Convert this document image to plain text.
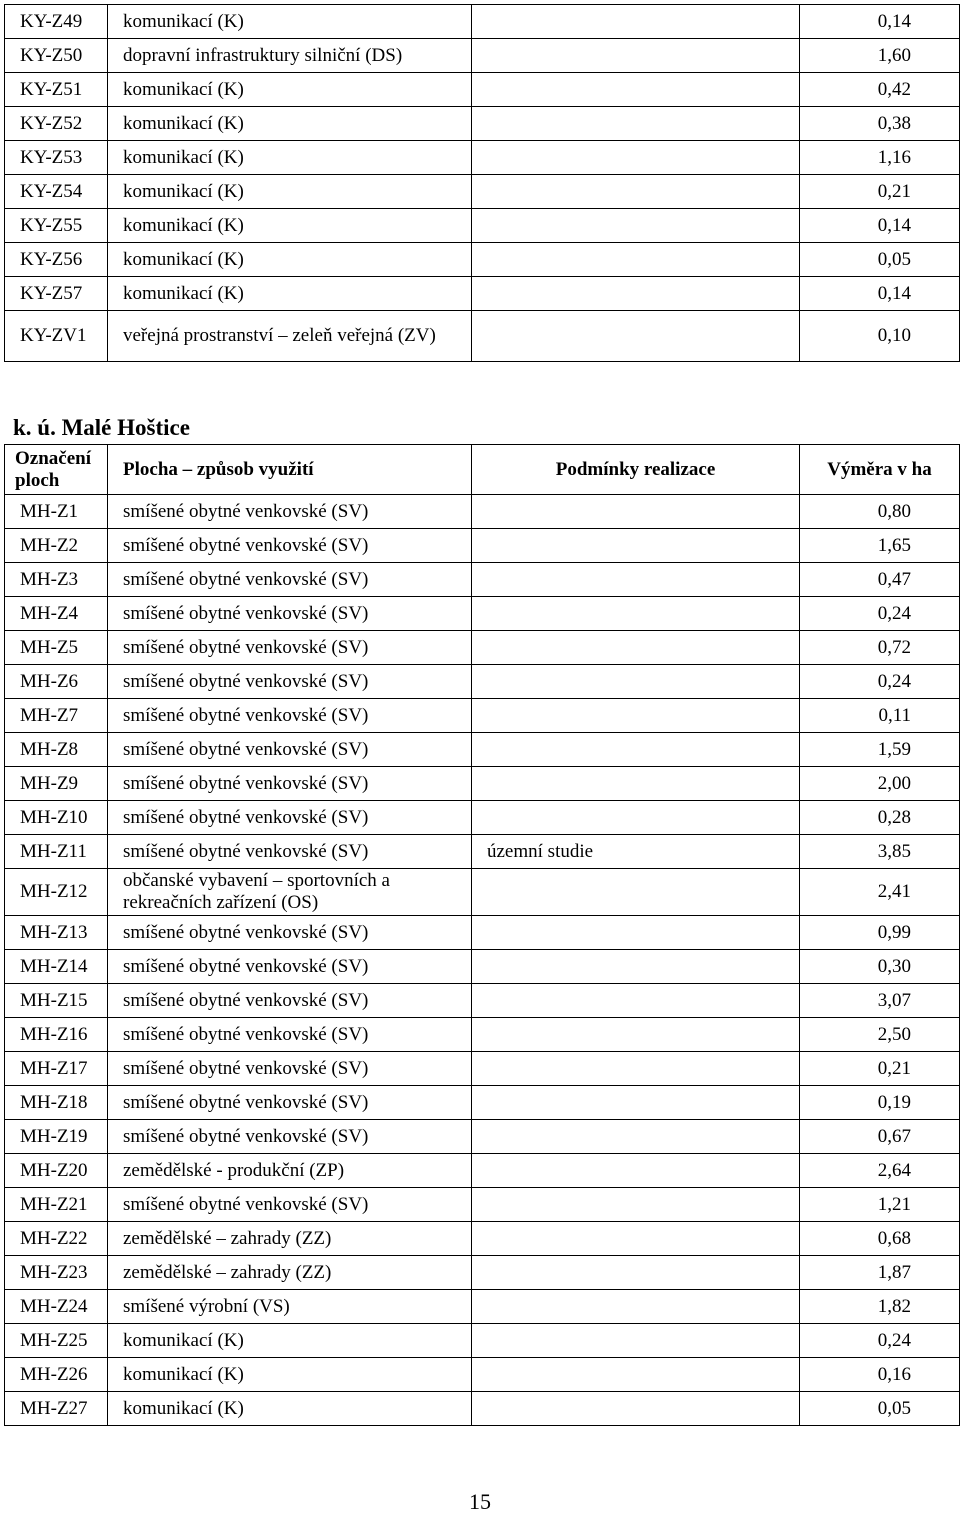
KY-Z49	komunikací (K)		0,14
KY-Z50	dopravní infrastruktury silniční (DS)		1,60
KY-Z51	komunikací (K)		0,42
KY-Z52	komunikací (K)		0,38
KY-Z53	komunikací (K)		1,16
KY-Z54	komunikací (K)		0,21
KY-Z55	komunikací (K)		0,14
KY-Z56	komunikací (K)		0,05
KY-Z57	komunikací (K)		0,14
KY-ZV1	veřejná prostranství – zeleň veřejná (ZV)		0,10
k. ú. Malé Hoštice
Označení ploch	Plocha – způsob využití	Podmínky realizace	Výměra v ha
MH-Z1	smíšené obytné venkovské (SV)		0,80
MH-Z2	smíšené obytné venkovské (SV)		1,65
MH-Z3	smíšené obytné venkovské (SV)		0,47
MH-Z4	smíšené obytné venkovské (SV)		0,24
MH-Z5	smíšené obytné venkovské (SV)		0,72
MH-Z6	smíšené obytné venkovské (SV)		0,24
MH-Z7	smíšené obytné venkovské (SV)		0,11
MH-Z8	smíšené obytné venkovské (SV)		1,59
MH-Z9	smíšené obytné venkovské (SV)		2,00
MH-Z10	smíšené obytné venkovské (SV)		0,28
MH-Z11	smíšené obytné venkovské (SV)	územní studie	3,85
MH-Z12	občanské vybavení – sportovních a rekreačních zařízení (OS)		2,41
MH-Z13	smíšené obytné venkovské (SV)		0,99
MH-Z14	smíšené obytné venkovské (SV)		0,30
MH-Z15	smíšené obytné venkovské (SV)		3,07
MH-Z16	smíšené obytné venkovské (SV)		2,50
MH-Z17	smíšené obytné venkovské (SV)		0,21
MH-Z18	smíšené obytné venkovské (SV)		0,19
MH-Z19	smíšené obytné venkovské (SV)		0,67
MH-Z20	zemědělské - produkční (ZP)		2,64
MH-Z21	smíšené obytné venkovské (SV)		1,21
MH-Z22	zemědělské – zahrady (ZZ)		0,68
MH-Z23	zemědělské – zahrady (ZZ)		1,87
MH-Z24	smíšené výrobní (VS)		1,82
MH-Z25	komunikací (K)		0,24
MH-Z26	komunikací (K)		0,16
MH-Z27	komunikací (K)		0,05
15
